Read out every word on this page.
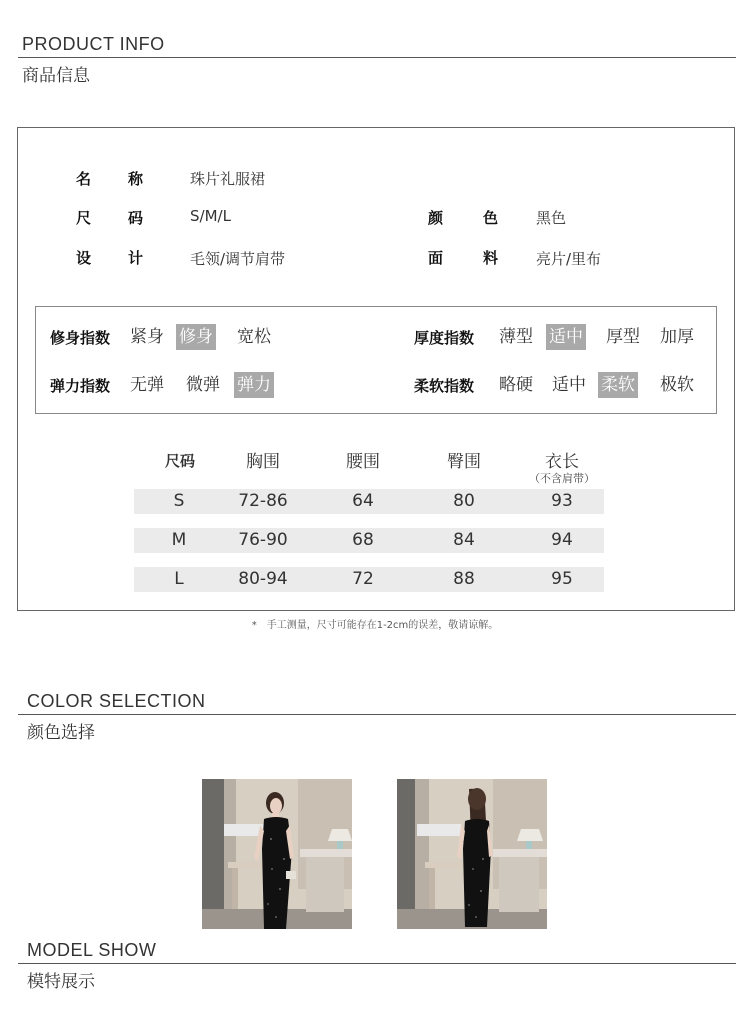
PRODUCT INFO
商品信息
名 称	珠片礼服裙
尺 码	S/M/L	颜	色	黑色
设 计	毛领/调节肩带	面	料	亮片/里布
修身指数 紧身 修身 宽松	厚度指数 薄型 适中 厚型 加厚
弹力指数 无弹 微弹 弹力	柔软指数 略硬 适中 柔软 极软
尺码	胸围	腰围	臀围	衣长
（不含肩带）
S	72-86	64	80	93
M	76-90	68	84	94
L	80-94	72	88	95
*　手工测量，尺寸可能存在1-2cm的误差，敬请谅解。
COLOR SELECTION
颜色选择
MODEL SHOW
模特展示
